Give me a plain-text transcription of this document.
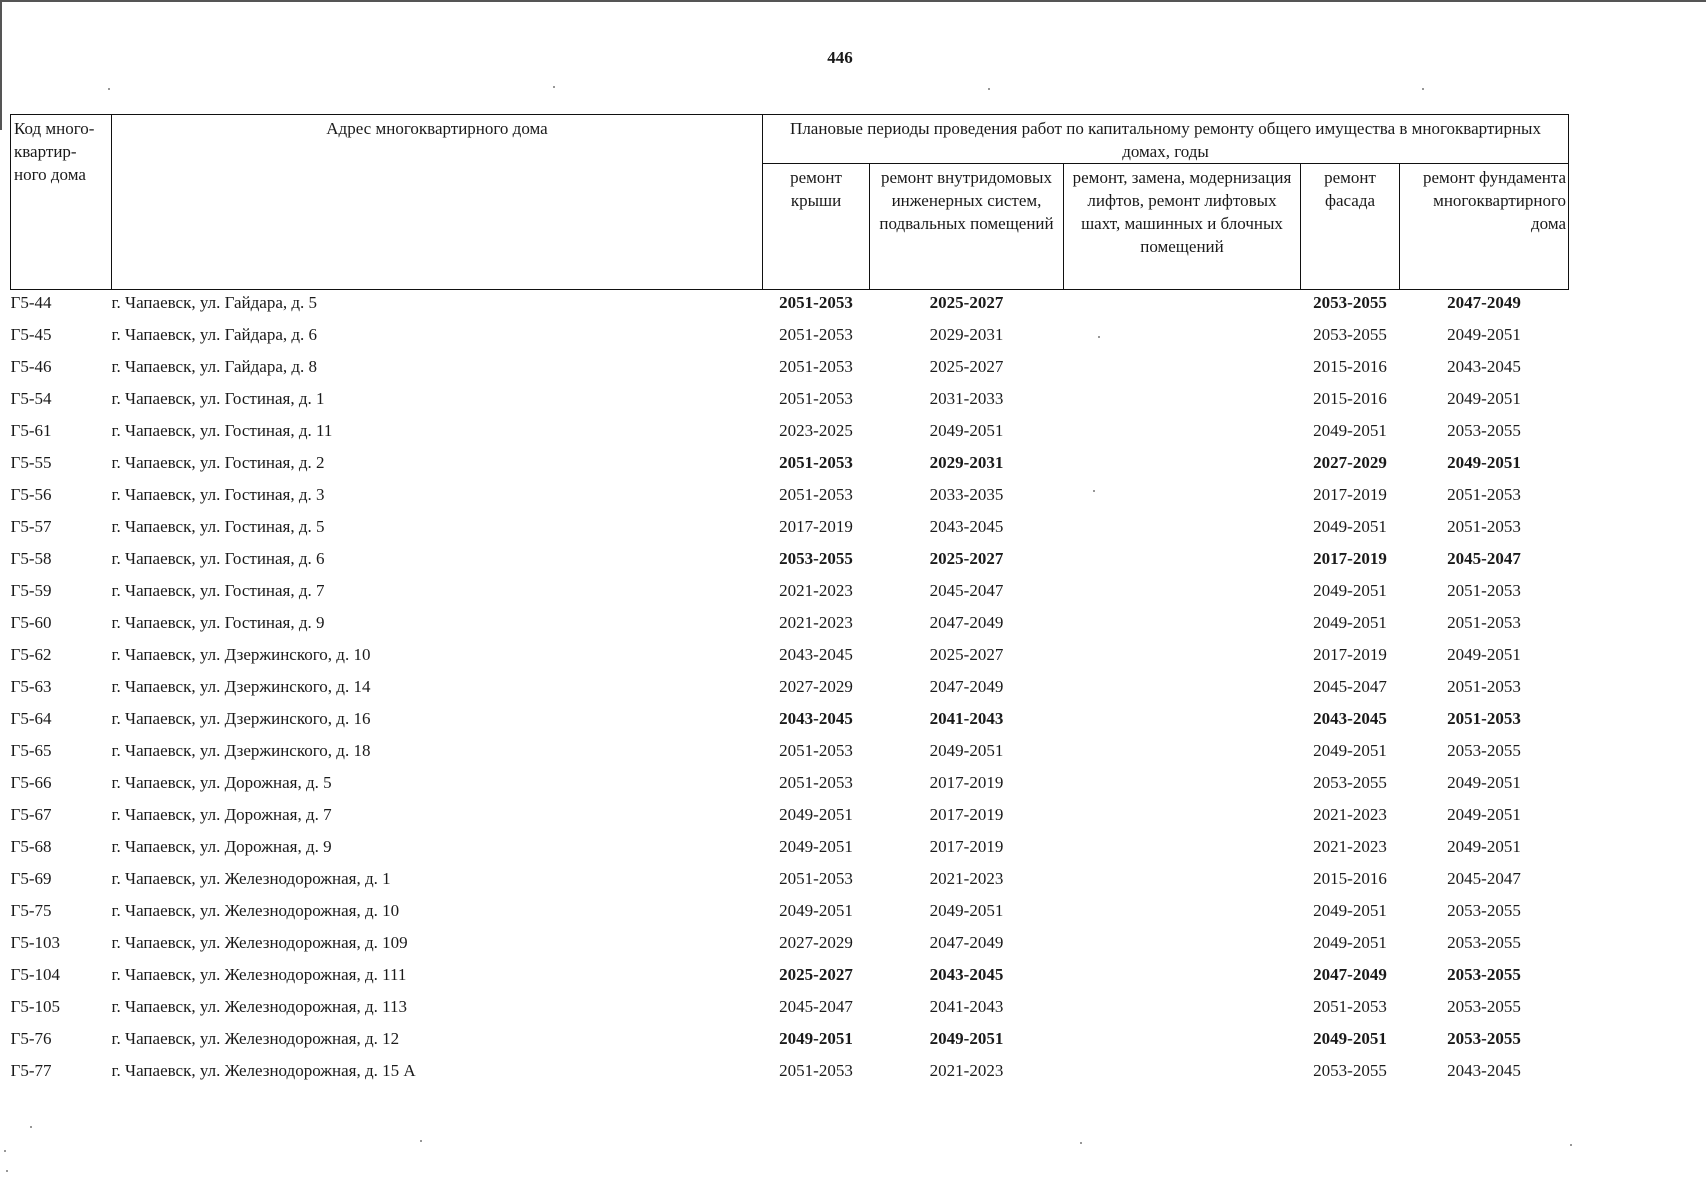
446
Код много-квартир-ного дома	Адрес многоквартирного дома	Плановые периоды проведения работ по капитальному ремонту общего имущества в многоквартирных домах, годы				
		ремонт крыши	ремонт внутридомовых инженерных систем, подвальных помещений	ремонт, замена, модернизация лифтов, ремонт лифтовых шахт, машинных и блочных помещений	ремонт фасада	ремонт фундамента многоквартирного дома
Г5-44	г. Чапаевск, ул. Гайдара, д. 5	2051-2053	2025-2027		2053-2055	2047-2049
Г5-45	г. Чапаевск, ул. Гайдара, д. 6	2051-2053	2029-2031		2053-2055	2049-2051
Г5-46	г. Чапаевск, ул. Гайдара, д. 8	2051-2053	2025-2027		2015-2016	2043-2045
Г5-54	г. Чапаевск, ул. Гостиная, д. 1	2051-2053	2031-2033		2015-2016	2049-2051
Г5-61	г. Чапаевск, ул. Гостиная, д. 11	2023-2025	2049-2051		2049-2051	2053-2055
Г5-55	г. Чапаевск, ул. Гостиная, д. 2	2051-2053	2029-2031		2027-2029	2049-2051
Г5-56	г. Чапаевск, ул. Гостиная, д. 3	2051-2053	2033-2035		2017-2019	2051-2053
Г5-57	г. Чапаевск, ул. Гостиная, д. 5	2017-2019	2043-2045		2049-2051	2051-2053
Г5-58	г. Чапаевск, ул. Гостиная, д. 6	2053-2055	2025-2027		2017-2019	2045-2047
Г5-59	г. Чапаевск, ул. Гостиная, д. 7	2021-2023	2045-2047		2049-2051	2051-2053
Г5-60	г. Чапаевск, ул. Гостиная, д. 9	2021-2023	2047-2049		2049-2051	2051-2053
Г5-62	г. Чапаевск, ул. Дзержинского, д. 10	2043-2045	2025-2027		2017-2019	2049-2051
Г5-63	г. Чапаевск, ул. Дзержинского, д. 14	2027-2029	2047-2049		2045-2047	2051-2053
Г5-64	г. Чапаевск, ул. Дзержинского, д. 16	2043-2045	2041-2043		2043-2045	2051-2053
Г5-65	г. Чапаевск, ул. Дзержинского, д. 18	2051-2053	2049-2051		2049-2051	2053-2055
Г5-66	г. Чапаевск, ул. Дорожная, д. 5	2051-2053	2017-2019		2053-2055	2049-2051
Г5-67	г. Чапаевск, ул. Дорожная, д. 7	2049-2051	2017-2019		2021-2023	2049-2051
Г5-68	г. Чапаевск, ул. Дорожная, д. 9	2049-2051	2017-2019		2021-2023	2049-2051
Г5-69	г. Чапаевск, ул. Железнодорожная, д. 1	2051-2053	2021-2023		2015-2016	2045-2047
Г5-75	г. Чапаевск, ул. Железнодорожная, д. 10	2049-2051	2049-2051		2049-2051	2053-2055
Г5-103	г. Чапаевск, ул. Железнодорожная, д. 109	2027-2029	2047-2049		2049-2051	2053-2055
Г5-104	г. Чапаевск, ул. Железнодорожная, д. 111	2025-2027	2043-2045		2047-2049	2053-2055
Г5-105	г. Чапаевск, ул. Железнодорожная, д. 113	2045-2047	2041-2043		2051-2053	2053-2055
Г5-76	г. Чапаевск, ул. Железнодорожная, д. 12	2049-2051	2049-2051		2049-2051	2053-2055
Г5-77	г. Чапаевск, ул. Железнодорожная, д. 15 А	2051-2053	2021-2023		2053-2055	2043-2045
